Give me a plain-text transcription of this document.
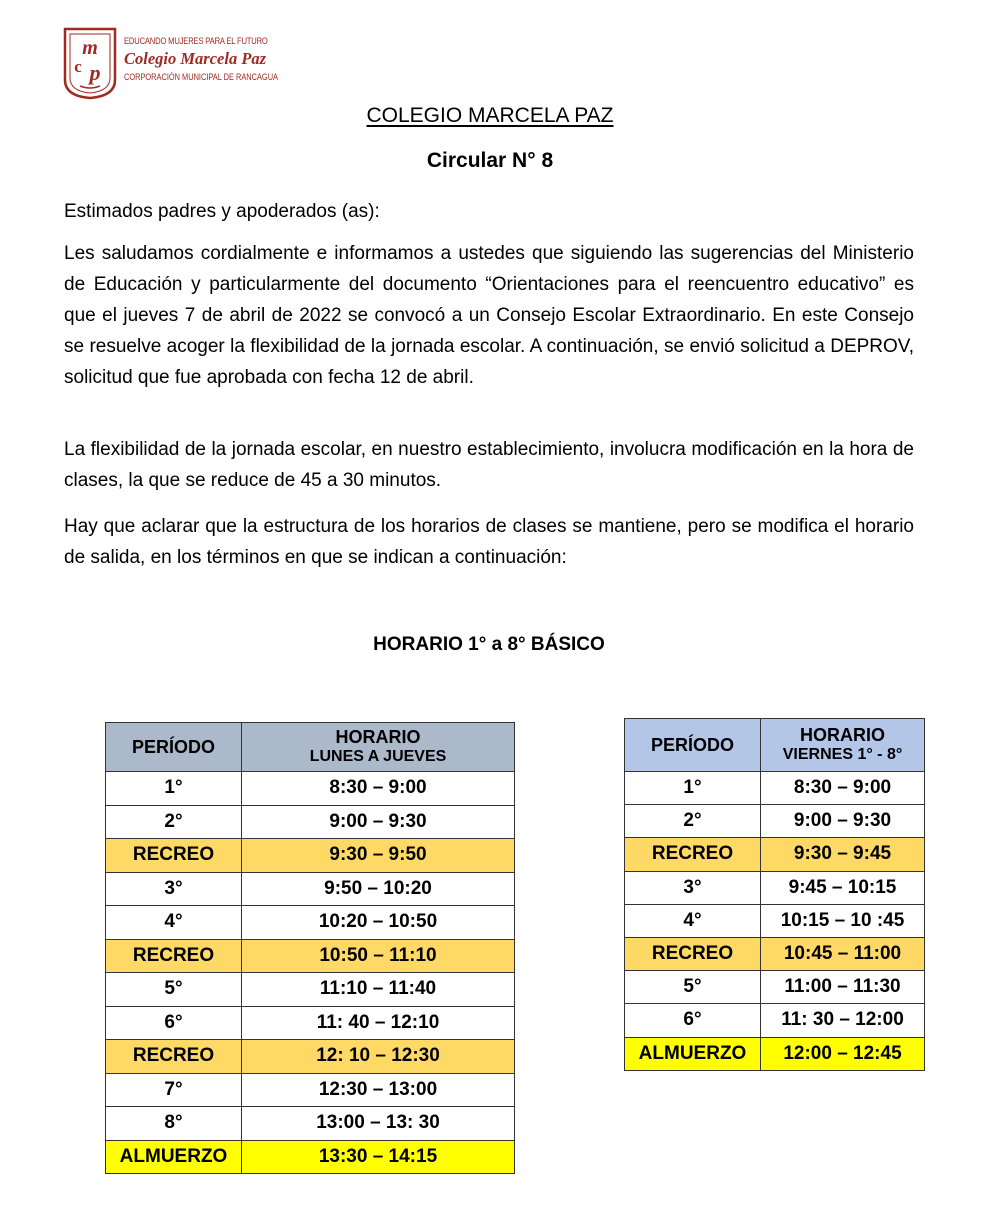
m
c p
EDUCANDO MUJERES PARA EL FUTURO
Colegio Marcela Paz
CORPORACIÓN MUNICIPAL DE RANCAGUA
COLEGIO MARCELA PAZ
Circular N° 8
Estimados padres y apoderados (as):
Les saludamos cordialmente e informamos a ustedes que siguiendo las sugerencias del Ministerio de Educación y particularmente del documento “Orientaciones para el reencuentro educativo” es que el jueves 7 de abril de 2022 se convocó a un Consejo Escolar Extraordinario. En este Consejo se resuelve acoger la flexibilidad de la jornada escolar. A continuación, se envió solicitud a DEPROV, solicitud que fue aprobada con fecha 12 de abril.
La flexibilidad de la jornada escolar, en nuestro establecimiento, involucra modificación en la hora de clases, la que se reduce de 45 a 30 minutos.
Hay que aclarar que la estructura de los horarios de clases se mantiene, pero se modifica el horario de salida, en los términos en que se indican a continuación:
HORARIO 1° a 8° BÁSICO
PERÍODO	HORARIO
LUNES A JUEVES

1°	8:30 – 9:00
2°	9:00 – 9:30
RECREO	9:30 – 9:50
3°	9:50 – 10:20
4°	10:20 – 10:50
RECREO	10:50 – 11:10
5°	11:10 – 11:40
6°	11: 40 – 12:10
RECREO	12: 10 – 12:30
7°	12:30 – 13:00
8°	13:00 – 13: 30
ALMUERZO	13:30 – 14:15
PERÍODO	HORARIO
VIERNES 1° - 8°

1°	8:30 – 9:00
2°	9:00 – 9:30
RECREO	9:30 – 9:45
3°	9:45 – 10:15
4°	10:15 – 10 :45
RECREO	10:45 – 11:00
5°	11:00 – 11:30
6°	11: 30 – 12:00
ALMUERZO	12:00 – 12:45
